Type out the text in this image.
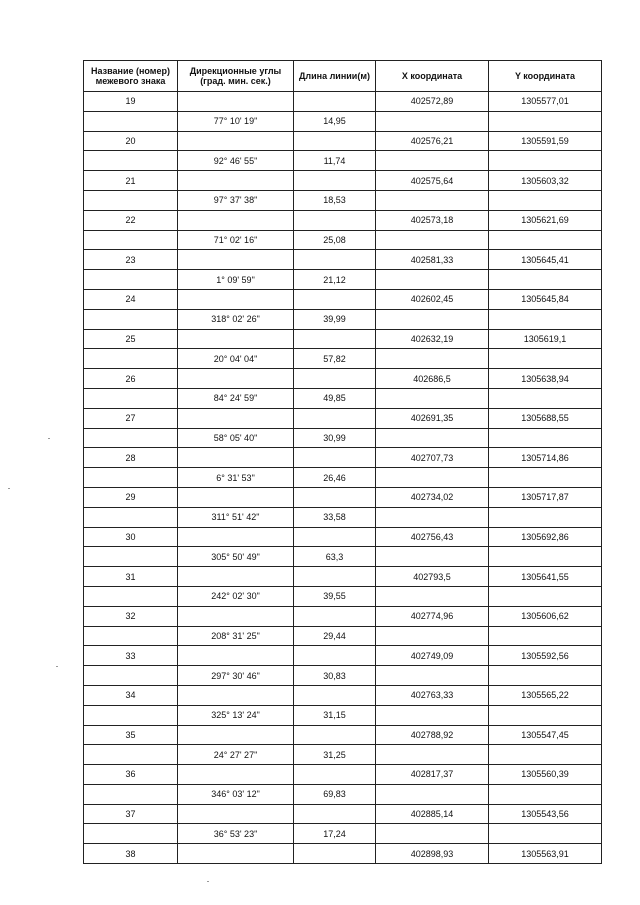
Название (номер) межевого знака	Дирекционные углы (град. мин. сек.)	Длина линии(м)	X координата	Y координата
19			402572,89	1305577,01
	77° 10' 19"	14,95		
20			402576,21	1305591,59
	92° 46' 55"	11,74		
21			402575,64	1305603,32
	97° 37' 38"	18,53		
22			402573,18	1305621,69
	71° 02' 16"	25,08		
23			402581,33	1305645,41
	1° 09' 59"	21,12		
24			402602,45	1305645,84
	318° 02' 26"	39,99		
25			402632,19	1305619,1
	20° 04' 04"	57,82		
26			402686,5	1305638,94
	84° 24' 59"	49,85		
27			402691,35	1305688,55
	58° 05' 40"	30,99		
28			402707,73	1305714,86
	6° 31' 53"	26,46		
29			402734,02	1305717,87
	311° 51' 42"	33,58		
30			402756,43	1305692,86
	305° 50' 49"	63,3		
31			402793,5	1305641,55
	242° 02' 30"	39,55		
32			402774,96	1305606,62
	208° 31' 25"	29,44		
33			402749,09	1305592,56
	297° 30' 46"	30,83		
34			402763,33	1305565,22
	325° 13' 24"	31,15		
35			402788,92	1305547,45
	24° 27' 27"	31,25		
36			402817,37	1305560,39
	346° 03' 12"	69,83		
37			402885,14	1305543,56
	36° 53' 23"	17,24		
38			402898,93	1305563,91
